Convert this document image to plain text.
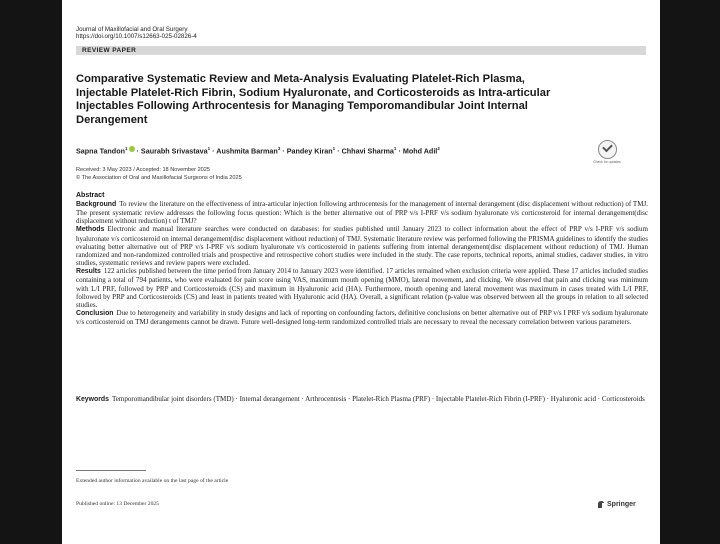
Journal of Maxillofacial and Oral Surgery
https://doi.org/10.1007/s12663-025-02826-4
REVIEW PAPER
Comparative Systematic Review and Meta-Analysis Evaluating Platelet-Rich Plasma, Injectable Platelet-Rich Fibrin, Sodium Hyaluronate, and Corticosteroids as Intra-articular Injectables Following Arthrocentesis for Managing Temporomandibular Joint Internal Derangement
Check for updates
Sapna Tandon$^1$ · Saurabh Srivastava$^1$ · Aushmita Barman$^3$ · Pandey Kiran$^1$ · Chhavi Sharma$^1$ · Mohd Adil$^2$
Received: 3 May 2023 / Accepted: 18 November 2025
© The Association of Oral and Maxillofacial Surgeons of India 2025
Abstract

Background To review the literature on the effectiveness of intra-articular injection following arthrocentesis for the management of internal derangement (disc displacement without reduction) of TMJ. The present systematic review addresses the following focus question: Which is the better alternative out of PRP v/s I-PRF v/s sodium hyaluronate v/s corticosteroid for internal derangement(disc displacement without reduction) t of TMJ?

Methods Electronic and manual literature searches were conducted on databases: for studies published until January 2023 to collect information about the effect of PRP v/s I-PRF v/s sodium hyaluronate v/s corticosteroid on internal derangement(disc displacement without reduction) of TMJ. Systematic literature review was performed following the PRISMA guidelines to identify the studies evaluating better alternative out of PRP v/s I-PRF v/s sodium hyaluronate v/s corticosteroid in patients suffering from internal derangement(disc displacement without reduction) of TMJ. Human randomized and non-randomized controlled trials and prospective and retrospective cohort studies were included in the study. The case reports, technical reports, animal studies, cadaver studies, in vitro studies, systematic reviews and review papers were excluded.

Results 122 articles published between the time period from January 2014 to January 2023 were identified. 17 articles remained when exclusion criteria were applied. These 17 articles included studies containing a total of 794 patients, who were evaluated for pain score using VAS, maximum mouth opening (MMO), lateral movement, and clicking. We observed that pain and clicking was minimum with L/I PRF, followed by PRP and Corticosteroids (CS) and maximum in Hyaluronic acid (HA). Furthermore, mouth opening and lateral movement was maximum in cases treated with L/I PRF, followed by PRP and Corticosteroids (CS) and least in patients treated with Hyaluronic acid (HA). Overall, a significant relation (p-value was observed between all the groups in relation to all selected studies.

Conclusion Due to heterogeneity and variability in study designs and lack of reporting on confounding factors, definitive conclusions on better alternative out of PRP v/s I PRF v/s sodium hyaluronate v/s corticosteroid on TMJ derangements cannot be drawn. Future well-designed long-term randomized controlled trials are necessary to reveal the necessary correlation between various parameters.

Keywords Temporomandibular joint disorders (TMD) · Internal derangement · Arthrocentesis · Platelet-Rich Plasma (PRF) · Injectable Platelet-Rich Fibrin (I-PRF) · Hyaluronic acid · Corticosteroids
Extended author information available on the last page of the article
Published online: 13 December 2025	Springer
